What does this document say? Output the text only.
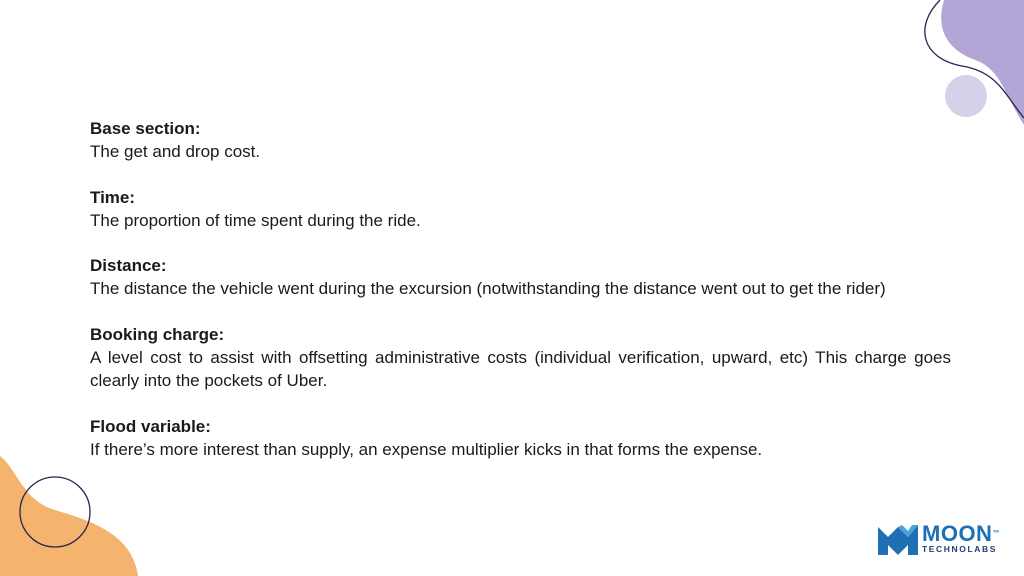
Base section:

The get and drop cost.

Time:

The proportion of time spent during the ride.

Distance:

The distance the vehicle went during the excursion (notwithstanding the distance went out to get the rider)

Booking charge:

A level cost to assist with offsetting administrative costs (individual verification, upward, etc) This charge goes clearly into the pockets of Uber.

Flood variable:

If there’s more interest than supply, an expense multiplier kicks in that forms the expense.

MOON™
TECHNOLABS
